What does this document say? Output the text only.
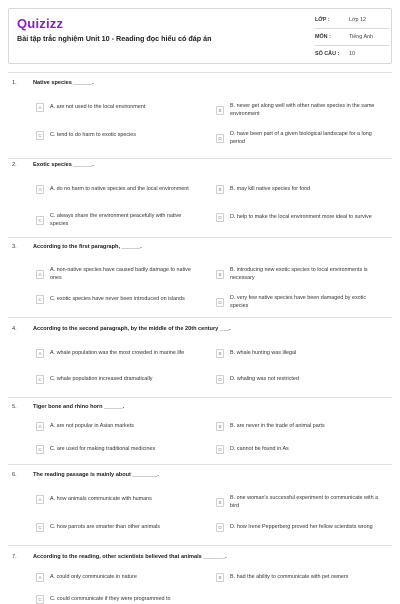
Quizizz
Bài tập trắc nghiệm Unit 10 - Reading đọc hiểu có đáp án
LỚP :	Lớp 12
MÔN :	Tiếng Anh
SỐ CÂU :	10
1.	Native species ______.
A	A. are not used to the local environment
B
B. never get along well with other native species in the same environment
C	C. tend to do harm to exotic species
D
D. have been part of a given biological landscape for a long period
2.	Exotic species ______.
A	A. do no harm to native species and the local environment	B	B. may kill native species for food
C
C. always share the environment peacefully with native species
D	D. help to make the local environment more ideal to survive
3.	According to the first paragraph, ______.
A
A. non-native species have caused badly damage to native ones	B
B. introducing new exotic species to local environments is necessary
C	C. exotic species have never been introduced on islands
D
D. very few native species have been damaged by exotic species
4.	According to the second paragraph, by the middle of the 20th century ___.
A	A. whale population was the most crowded in marine life	B	B. whale hunting was illegal
C	C. whale population increased dramatically	D	D. whaling was not restricted
5.	Tiger bone and rhino horn ______.
A	A. are not popular in Asian markets	B	B. are never in the trade of animal parts
C	C. are used for making traditional medicines	D	D. cannot be found in As
6.	The reading passage is mainly about ________.
A	A. how animals communicate with humans
B
B. one woman's successful experiment to communicate with a bird
C	C. how parrots are smarter than other animals	D	D. how Irene Pepperberg proved her fellow scientists wrong
7.	According to the reading, other scientists believed that animals _______.
A	A. could only communicate in nature	B	B. had the ability to communicate with pet owners
C	C. could communicate if they were programmed to
